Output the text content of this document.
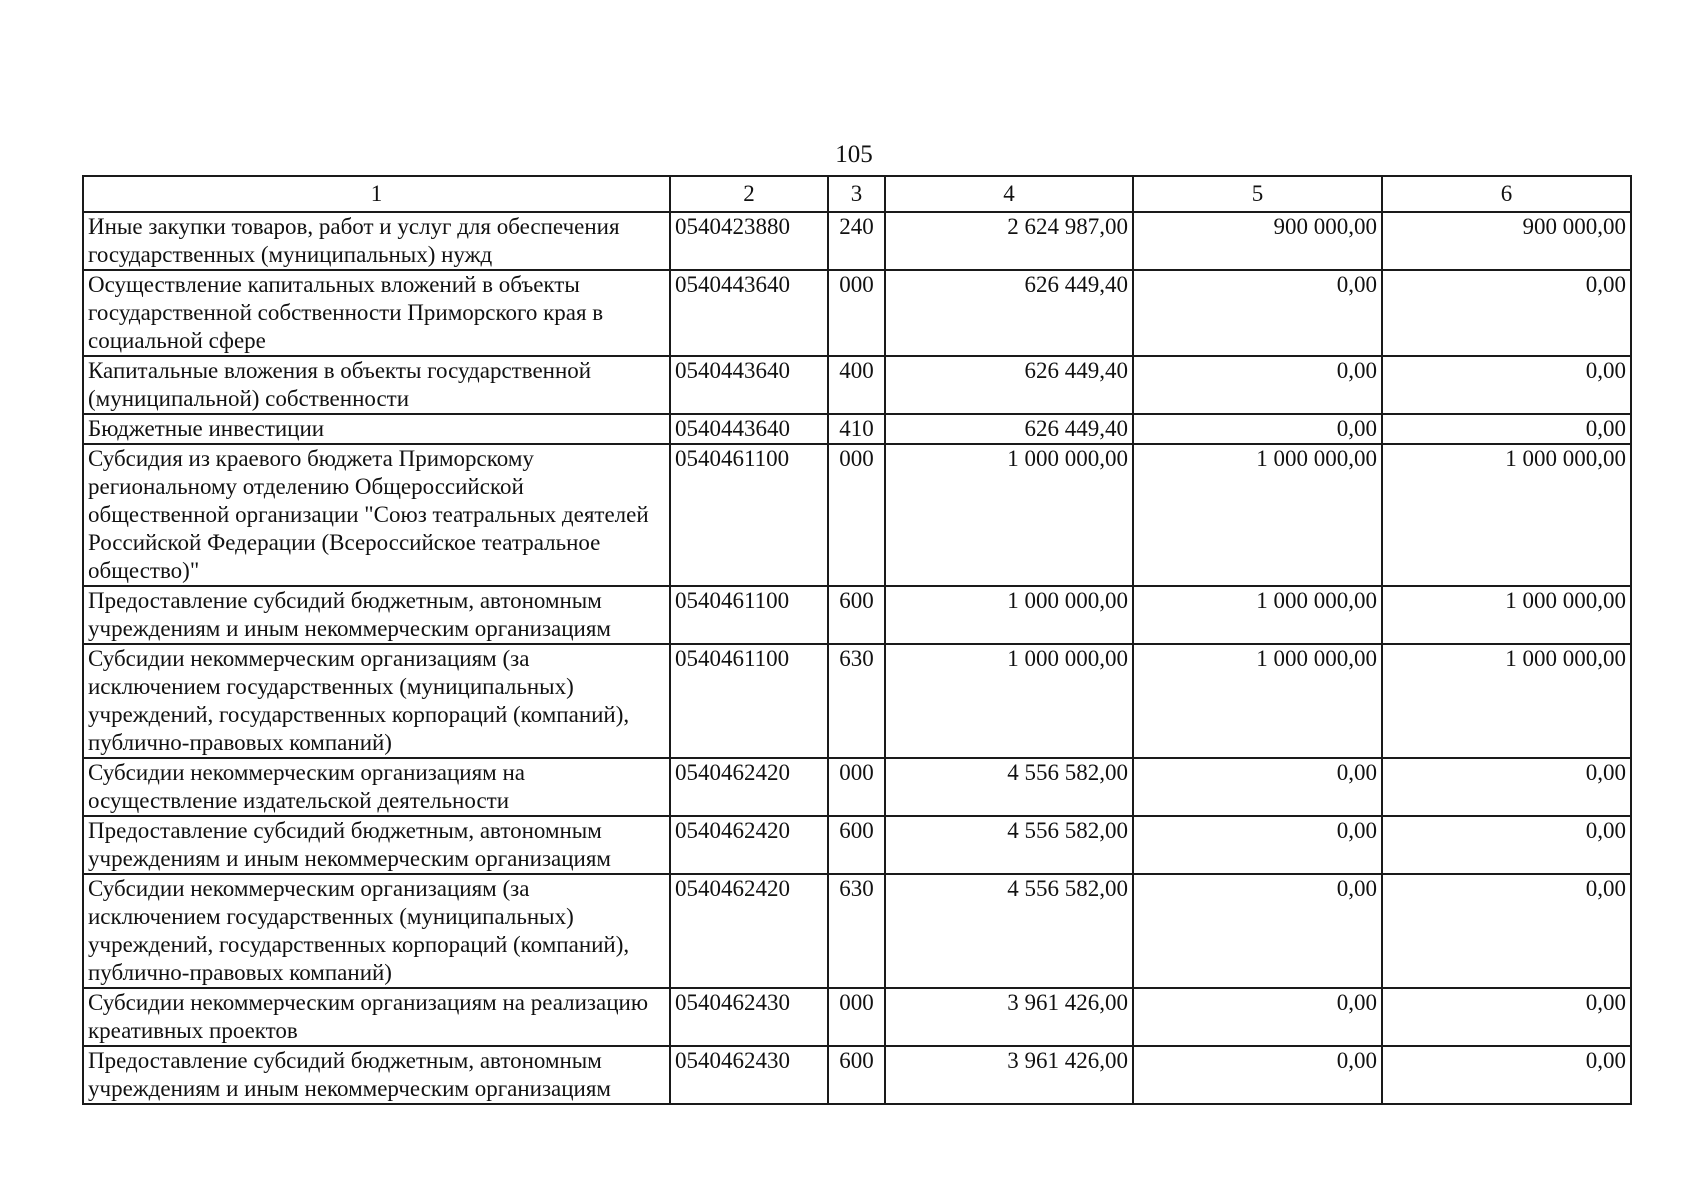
105
1	2	3	4	5	6
Иные закупки товаров, работ и услуг для обеспечения государственных (муниципальных) нужд	0540423880	240	2 624 987,00	900 000,00	900 000,00
Осуществление капитальных вложений в объекты государственной собственности Приморского края в социальной сфере	0540443640	000	626 449,40	0,00	0,00
Капитальные вложения в объекты государственной (муниципальной) собственности	0540443640	400	626 449,40	0,00	0,00
Бюджетные инвестиции	0540443640	410	626 449,40	0,00	0,00
Субсидия из краевого бюджета Приморскому региональному отделению Общероссийской общественной организации "Союз театральных деятелей Российской Федерации (Всероссийское театральное общество)"	0540461100	000	1 000 000,00	1 000 000,00	1 000 000,00
Предоставление субсидий бюджетным, автономным учреждениям и иным некоммерческим организациям	0540461100	600	1 000 000,00	1 000 000,00	1 000 000,00
Субсидии некоммерческим организациям (за исключением государственных (муниципальных) учреждений, государственных корпораций (компаний), публично-правовых компаний)	0540461100	630	1 000 000,00	1 000 000,00	1 000 000,00
Субсидии некоммерческим организациям на осуществление издательской деятельности	0540462420	000	4 556 582,00	0,00	0,00
Предоставление субсидий бюджетным, автономным учреждениям и иным некоммерческим организациям	0540462420	600	4 556 582,00	0,00	0,00
Субсидии некоммерческим организациям (за исключением государственных (муниципальных) учреждений, государственных корпораций (компаний), публично-правовых компаний)	0540462420	630	4 556 582,00	0,00	0,00
Субсидии некоммерческим организациям на реализацию креативных проектов	0540462430	000	3 961 426,00	0,00	0,00
Предоставление субсидий бюджетным, автономным учреждениям и иным некоммерческим организациям	0540462430	600	3 961 426,00	0,00	0,00
